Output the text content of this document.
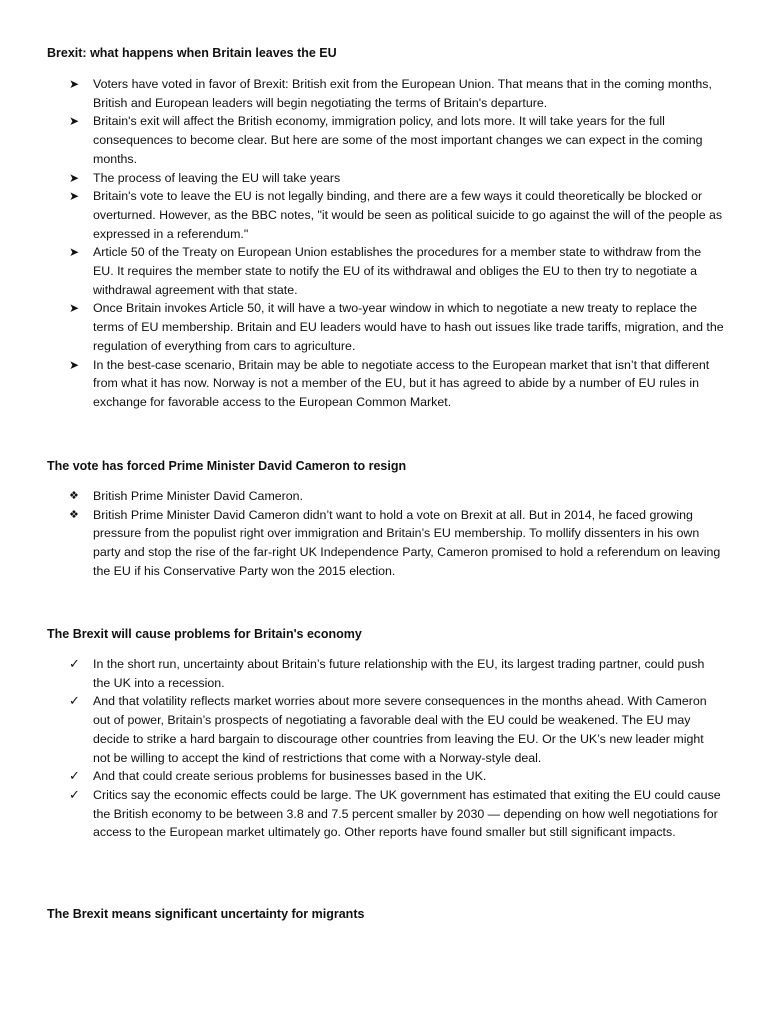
Brexit: what happens when Britain leaves the EU
➤	Voters have voted in favor of Brexit: British exit from the European Union. That means that in the coming months, British and European leaders will begin negotiating the terms of Britain's departure.
➤	Britain's exit will affect the British economy, immigration policy, and lots more. It will take years for the full consequences to become clear. But here are some of the most important changes we can expect in the coming months.
➤	The process of leaving the EU will take years
➤	Britain's vote to leave the EU is not legally binding, and there are a few ways it could theoretically be blocked or overturned. However, as the BBC notes, "it would be seen as political suicide to go against the will of the people as expressed in a referendum."
➤	Article 50 of the Treaty on European Union establishes the procedures for a member state to withdraw from the EU. It requires the member state to notify the EU of its withdrawal and obliges the EU to then try to negotiate a withdrawal agreement with that state.
➤	Once Britain invokes Article 50, it will have a two-year window in which to negotiate a new treaty to replace the terms of EU membership. Britain and EU leaders would have to hash out issues like trade tariffs, migration, and the regulation of everything from cars to agriculture.
➤	In the best-case scenario, Britain may be able to negotiate access to the European market that isn’t that different from what it has now. Norway is not a member of the EU, but it has agreed to abide by a number of EU rules in exchange for favorable access to the European Common Market.
The vote has forced Prime Minister David Cameron to resign
❖	British Prime Minister David Cameron.
❖	British Prime Minister David Cameron didn’t want to hold a vote on Brexit at all. But in 2014, he faced growing pressure from the populist right over immigration and Britain’s EU membership. To mollify dissenters in his own party and stop the rise of the far-right UK Independence Party, Cameron promised to hold a referendum on leaving the EU if his Conservative Party won the 2015 election.
The Brexit will cause problems for Britain's economy
✓ In the short run, uncertainty about Britain’s future relationship with the EU, its largest trading partner, could push the UK into a recession.
✓ And that volatility reflects market worries about more severe consequences in the months ahead. With Cameron out of power, Britain’s prospects of negotiating a favorable deal with the EU could be weakened. The EU may decide to strike a hard bargain to discourage other countries from leaving the EU. Or the UK’s new leader might not be willing to accept the kind of restrictions that come with a Norway-style deal.
✓ And that could create serious problems for businesses based in the UK.
✓ Critics say the economic effects could be large. The UK government has estimated that exiting the EU could cause the British economy to be between 3.8 and 7.5 percent smaller by 2030 — depending on how well negotiations for access to the European market ultimately go. Other reports have found smaller but still significant impacts.
The Brexit means significant uncertainty for migrants
